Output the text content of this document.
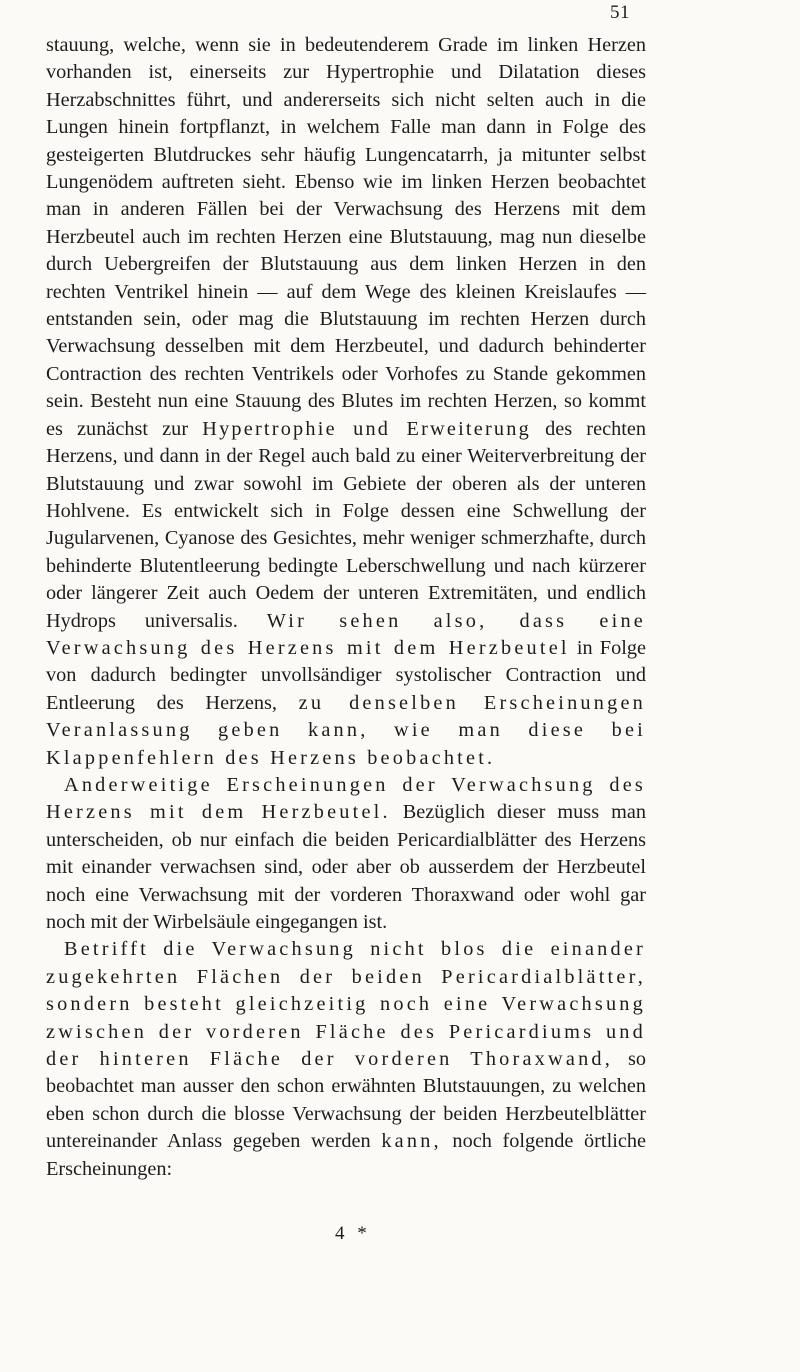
51

stauung, welche, wenn sie in bedeutenderem Grade im linken Herzen vorhanden ist, einerseits zur Hypertrophie und Dilatation dieses Herzabschnittes führt, und andererseits sich nicht selten auch in die Lungen hinein fortpflanzt, in welchem Falle man dann in Folge des gesteigerten Blutdruckes sehr häufig Lungencatarrh, ja mitunter selbst Lungenödem auftreten sieht. Ebenso wie im linken Herzen beobachtet man in anderen Fällen bei der Verwachsung des Herzens mit dem Herzbeutel auch im rechten Herzen eine Blutstauung, mag nun dieselbe durch Uebergreifen der Blutstauung aus dem linken Herzen in den rechten Ventrikel hinein — auf dem Wege des kleinen Kreislaufes — entstanden sein, oder mag die Blutstauung im rechten Herzen durch Verwachsung desselben mit dem Herzbeutel, und dadurch behinderter Contraction des rechten Ventrikels oder Vorhofes zu Stande gekommen sein. Besteht nun eine Stauung des Blutes im rechten Herzen, so kommt es zunächst zur Hypertrophie und Erweiterung des rechten Herzens, und dann in der Regel auch bald zu einer Weiterverbreitung der Blutstauung und zwar sowohl im Gebiete der oberen als der unteren Hohlvene. Es entwickelt sich in Folge dessen eine Schwellung der Jugularvenen, Cyanose des Gesichtes, mehr weniger schmerzhafte, durch behinderte Blutentleerung bedingte Leberschwellung und nach kürzerer oder längerer Zeit auch Oedem der unteren Extremitäten, und endlich Hydrops universalis. Wir sehen also, dass eine Verwachsung des Herzens mit dem Herzbeutel in Folge von dadurch bedingter unvollsändiger systolischer Contraction und Entleerung des Herzens, zu denselben Erscheinungen Veranlassung geben kann, wie man diese bei Klappenfehlern des Herzens beobachtet.

Anderweitige Erscheinungen der Verwachsung des Herzens mit dem Herzbeutel. Bezüglich dieser muss man unterscheiden, ob nur einfach die beiden Pericardialblätter des Herzens mit einander verwachsen sind, oder aber ob ausserdem der Herzbeutel noch eine Verwachsung mit der vorderen Thoraxwand oder wohl gar noch mit der Wirbelsäule eingegangen ist.

Betrifft die Verwachsung nicht blos die einander zugekehrten Flächen der beiden Pericardialblätter, sondern besteht gleichzeitig noch eine Verwachsung zwischen der vorderen Fläche des Pericardiums und der hinteren Fläche der vorderen Thoraxwand, so beobachtet man ausser den schon erwähnten Blutstauungen, zu welchen eben schon durch die blosse Verwachsung der beiden Herzbeutelblätter untereinander Anlass gegeben werden kann, noch folgende örtliche Erscheinungen:

4 *
